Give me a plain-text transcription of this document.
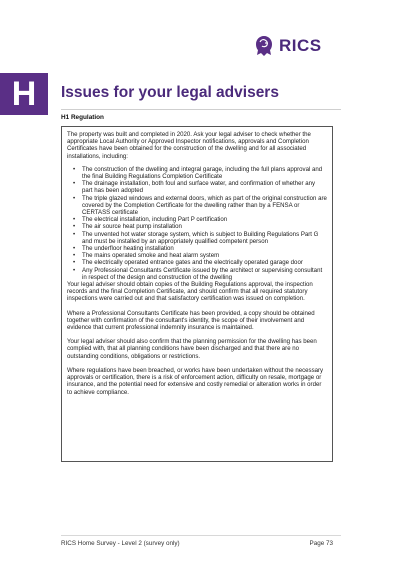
RICS
H	Issues for your legal advisers
H1 Regulation

The property was built and completed in 2020. Ask your legal adviser to check whether the appropriate Local Authority or Approved Inspector notifications, approvals and Completion Certificates have been obtained for the construction of the dwelling and for all associated installations, including:

• The construction of the dwelling and integral garage, including the full plans approval and the final Building Regulations Completion Certificate
• The drainage installation, both foul and surface water, and confirmation of whether any part has been adopted
• The triple glazed windows and external doors, which as part of the original construction are covered by the Completion Certificate for the dwelling rather than by a FENSA or CERTASS certificate
• The electrical installation, including Part P certification
• The air source heat pump installation
• The unvented hot water storage system, which is subject to Building Regulations Part G and must be installed by an appropriately qualified competent person
• The underfloor heating installation
• The mains operated smoke and heat alarm system
• The electrically operated entrance gates and the electrically operated garage door
• Any Professional Consultants Certificate issued by the architect or supervising consultant in respect of the design and construction of the dwelling

Your legal adviser should obtain copies of the Building Regulations approval, the inspection records and the final Completion Certificate, and should confirm that all required statutory inspections were carried out and that satisfactory certification was issued on completion.

Where a Professional Consultants Certificate has been provided, a copy should be obtained together with confirmation of the consultant's identity, the scope of their involvement and evidence that current professional indemnity insurance is maintained.

Your legal adviser should also confirm that the planning permission for the dwelling has been complied with, that all planning conditions have been discharged and that there are no outstanding conditions, obligations or restrictions.

Where regulations have been breached, or works have been undertaken without the necessary approvals or certification, there is a risk of enforcement action, difficulty on resale, mortgage or insurance, and the potential need for extensive and costly remedial or alteration works in order to achieve compliance.

RICS Home Survey - Level 2 (survey only)	Page 73
